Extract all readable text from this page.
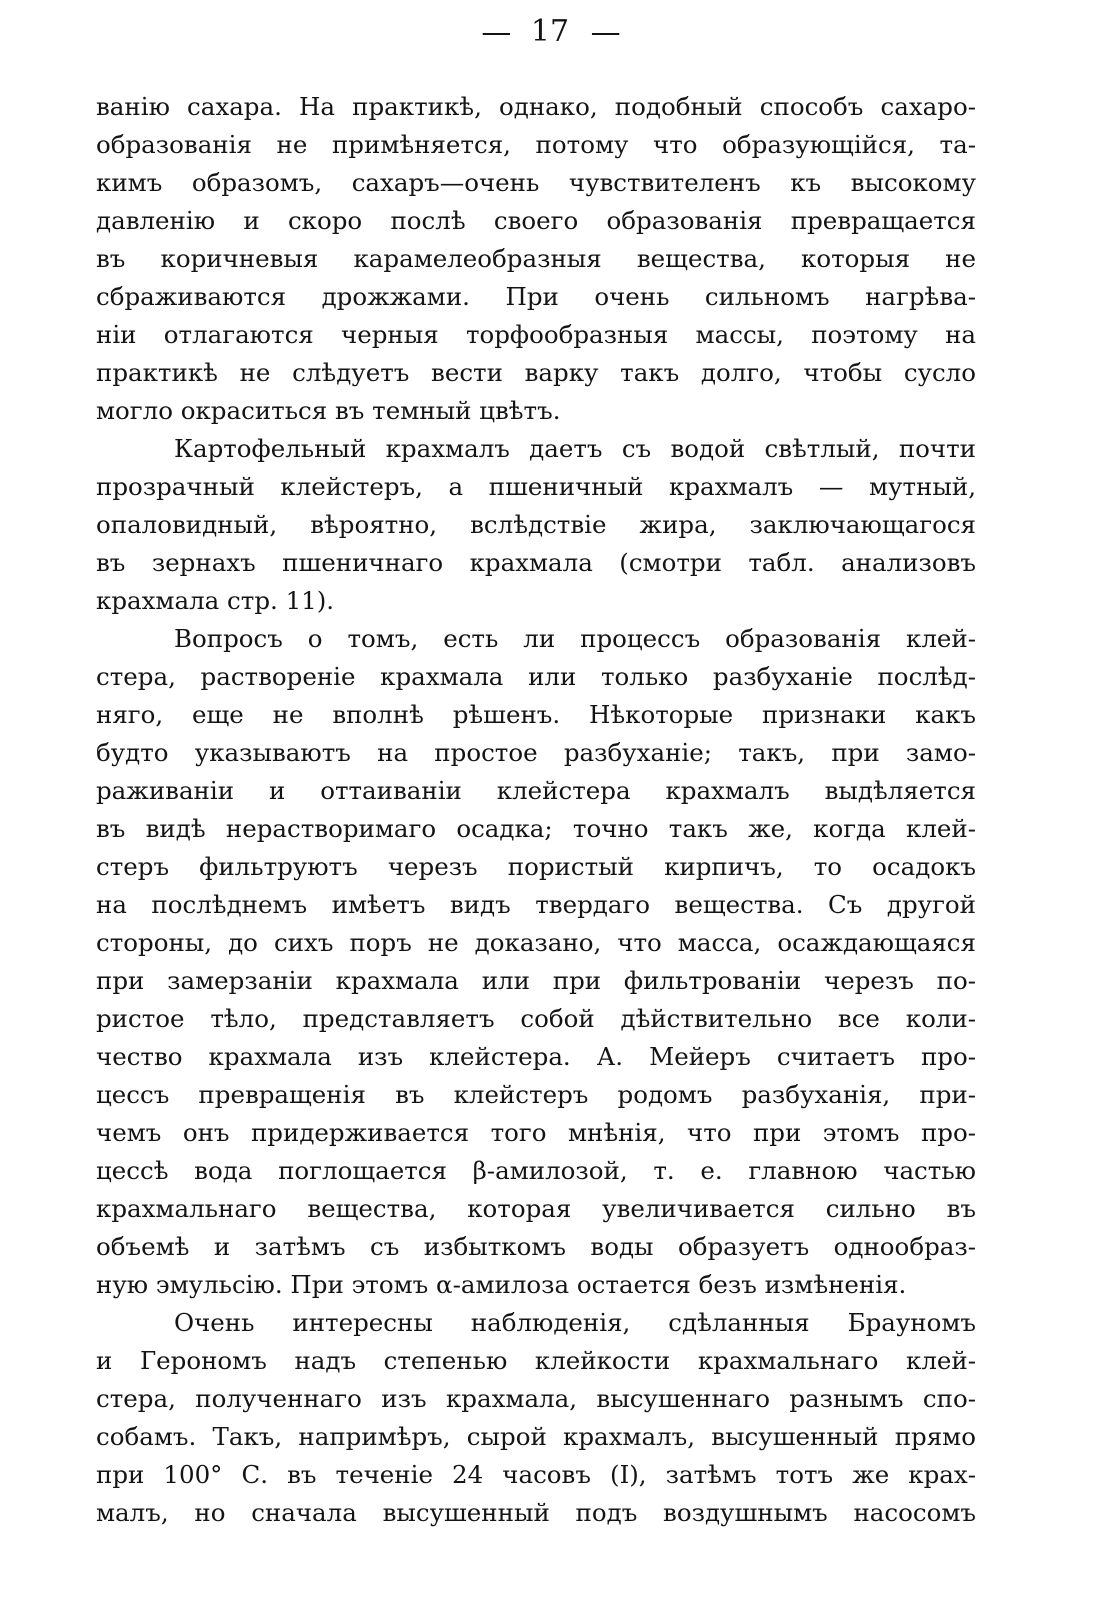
— 17 —
ванію сахара. На практикѣ, однако, подобный способъ сахаро-
образованія не примѣняется, потому что образующійся, та-
кимъ образомъ, сахаръ—очень чувствителенъ къ высокому
давленію и скоро послѣ своего образованія превращается
въ коричневыя карамелеобразныя вещества, которыя не
сбраживаются дрожжами. При очень сильномъ нагрѣва-
ніи отлагаются черныя торфообразныя массы, поэтому на
практикѣ не слѣдуетъ вести варку такъ долго, чтобы сусло
могло окраситься въ темный цвѣтъ.
Картофельный крахмалъ даетъ съ водой свѣтлый, почти
прозрачный клейстеръ, а пшеничный крахмалъ — мутный,
опаловидный, вѣроятно, вслѣдствіе жира, заключающагося
въ зернахъ пшеничнаго крахмала (смотри табл. анализовъ
крахмала стр. 11).
Вопросъ о томъ, есть ли процессъ образованія клей-
стера, раствореніе крахмала или только разбуханіе послѣд-
няго, еще не вполнѣ рѣшенъ. Нѣкоторые признаки какъ
будто указываютъ на простое разбуханіе; такъ, при замо-
раживаніи и оттаиваніи клейстера крахмалъ выдѣляется
въ видѣ нерастворимаго осадка; точно такъ же, когда клей-
стеръ фильтруютъ черезъ пористый кирпичъ, то осадокъ
на послѣднемъ имѣетъ видъ твердаго вещества. Съ другой
стороны, до сихъ поръ не доказано, что масса, осаждающаяся
при замерзаніи крахмала или при фильтрованіи черезъ по-
ристое тѣло, представляетъ собой дѣйствительно все коли-
чество крахмала изъ клейстера. А. Мейеръ считаетъ про-
цессъ превращенія въ клейстеръ родомъ разбуханія, при-
чемъ онъ придерживается того мнѣнія, что при этомъ про-
цессѣ вода поглощается β-амилозой, т. е. главною частью
крахмальнаго вещества, которая увеличивается сильно въ
объемѣ и затѣмъ съ избыткомъ воды образуетъ однообраз-
ную эмульсію. При этомъ α-амилоза остается безъ измѣненія.
Очень интересны наблюденія, сдѣланныя Брауномъ
и Герономъ надъ степенью клейкости крахмальнаго клей-
стера, полученнаго изъ крахмала, высушеннаго разнымъ спо-
собамъ. Такъ, напримѣръ, сырой крахмалъ, высушенный прямо
при 100° С. въ теченіе 24 часовъ (I), затѣмъ тотъ же крах-
малъ, но сначала высушенный подъ воздушнымъ насосомъ
